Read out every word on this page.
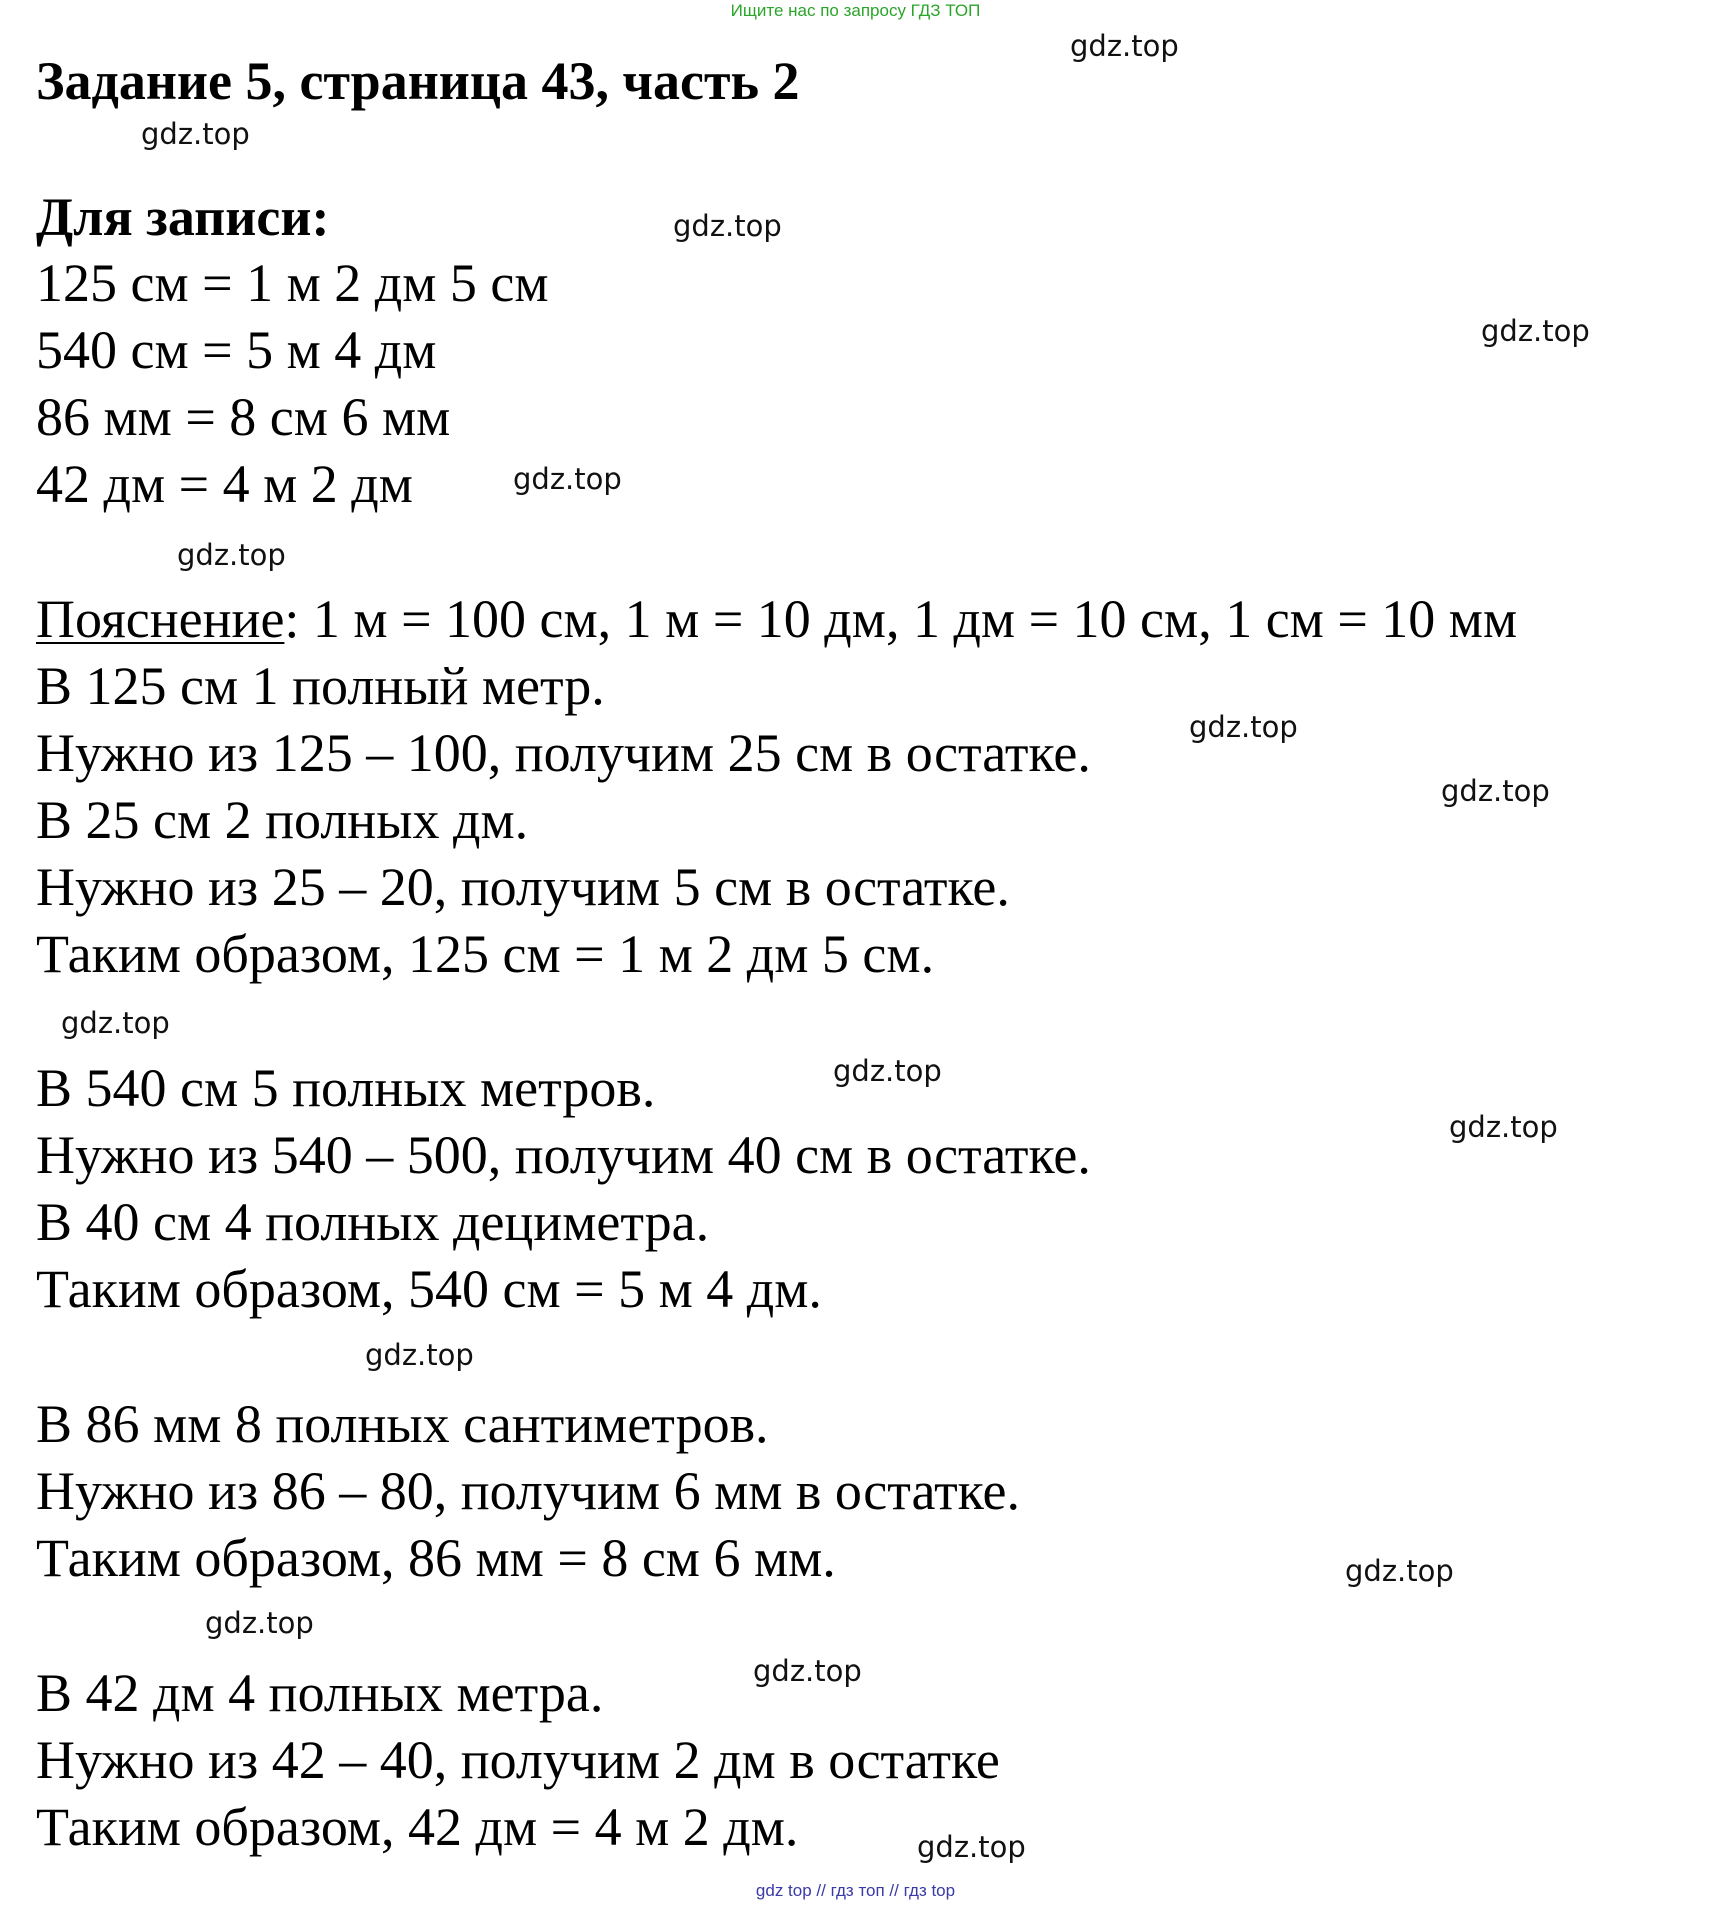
Ищите нас по запросу ГДЗ ТОП
Задание 5, страница 43, часть 2
Для записи:

125 см = 1 м 2 дм 5 см

540 см = 5 м 4 дм

86 мм = 8 см 6 мм

42 дм = 4 м 2 дм

Пояснение: 1 м = 100 см, 1 м = 10 дм, 1 дм = 10 см, 1 см = 10 мм

В 125 см 1 полный метр.

Нужно из 125 – 100, получим 25 см в остатке.

В 25 см 2 полных дм.

Нужно из 25 – 20, получим 5 см в остатке.

Таким образом, 125 см = 1 м 2 дм 5 см.

В 540 см 5 полных метров.

Нужно из 540 – 500, получим 40 см в остатке.

В 40 см 4 полных дециметра.

Таким образом, 540 см = 5 м 4 дм.

В 86 мм 8 полных сантиметров.

Нужно из 86 – 80, получим 6 мм в остатке.

Таким образом, 86 мм = 8 см 6 мм.

В 42 дм 4 полных метра.

Нужно из 42 – 40, получим 2 дм в остатке

Таким образом, 42 дм = 4 м 2 дм.

gdz.top
gdz.top
gdz.top
gdz.top
gdz.top
gdz.top
gdz.top
gdz.top
gdz.top
gdz.top
gdz.top
gdz.top
gdz.top
gdz.top
gdz.top
gdz.top
gdz top // гдз топ // гдз top
